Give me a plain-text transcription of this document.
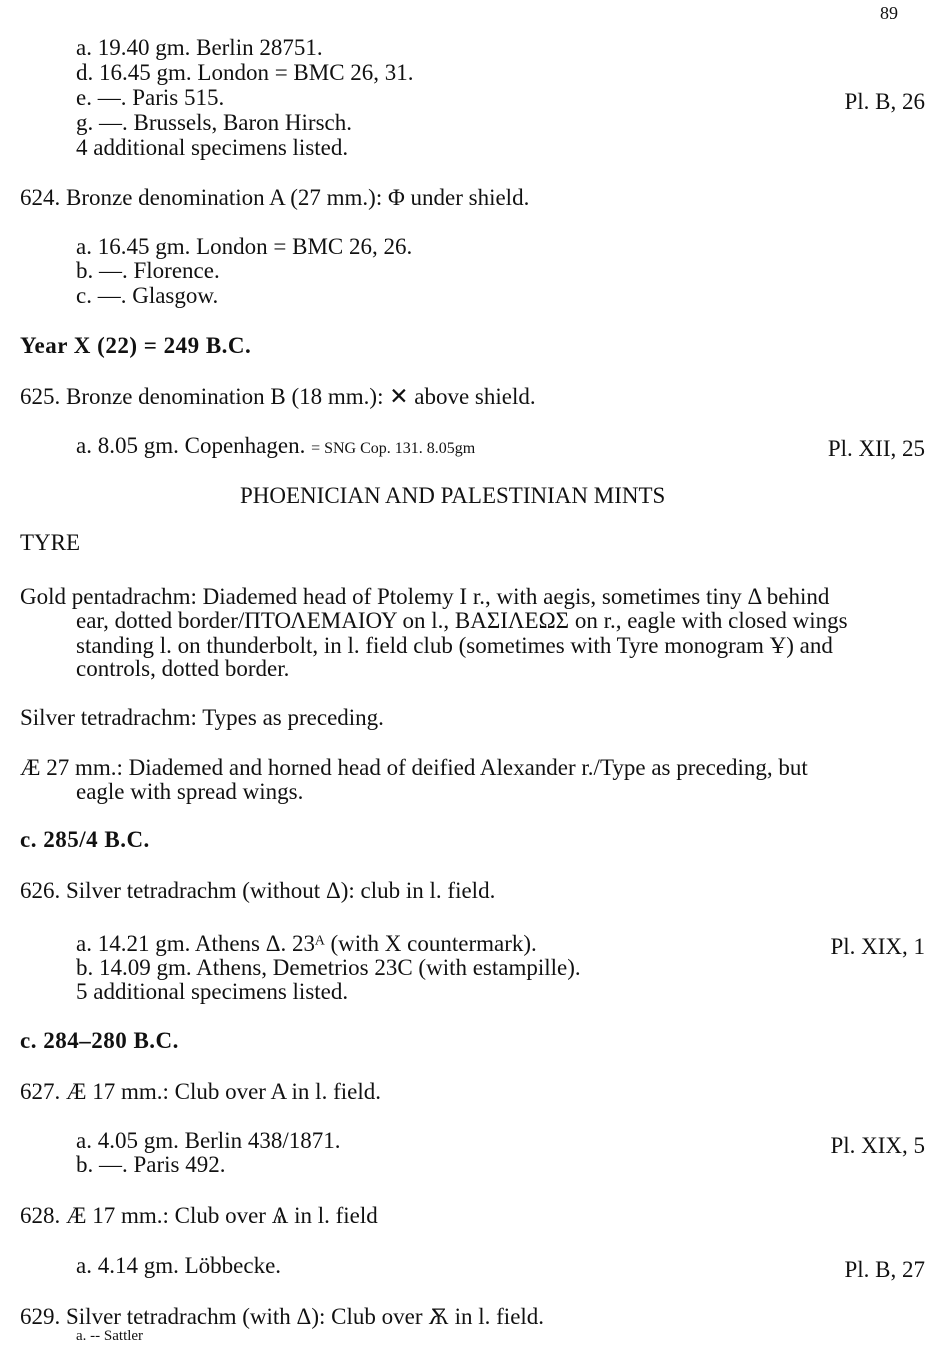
89
a. 19.40 gm. Berlin 28751.
d. 16.45 gm. London = BMC 26, 31.
e. —. Paris 515.	Pl. B, 26
g. —. Brussels, Baron Hirsch.
4 additional specimens listed.
624. Bronze denomination A (27 mm.): Φ under shield.
a. 16.45 gm. London = BMC 26, 26.
b. —. Florence.
c. —. Glasgow.
Year X (22) = 249 B.C.
625. Bronze denomination B (18 mm.): ✕ above shield.
a. 8.05 gm. Copenhagen. = SNG Cop. 131. 8.05gm	Pl. XII, 25
PHOENICIAN AND PALESTINIAN MINTS
TYRE
Gold pentadrachm: Diademed head of Ptolemy I r., with aegis, sometimes tiny Δ behind
ear, dotted border/ΠΤΟΛΕΜΑΙΟΥ on l., ΒΑΣΙΛΕΩΣ on r., eagle with closed wings
standing l. on thunderbolt, in l. field club (sometimes with Tyre monogram Ұ) and
controls, dotted border.
Silver tetradrachm: Types as preceding.
Æ 27 mm.: Diademed and horned head of deified Alexander r./Type as preceding, but
eagle with spread wings.
c. 285/4 B.C.
626. Silver tetradrachm (without Δ): club in l. field.
a. 14.21 gm. Athens Δ. 23ᴬ (with X countermark).	Pl. XIX, 1
b. 14.09 gm. Athens, Demetrios 23C (with estampille).
5 additional specimens listed.
c. 284–280 B.C.
627. Æ 17 mm.: Club over A in l. field.
a. 4.05 gm. Berlin 438/1871.	Pl. XIX, 5
b. —. Paris 492.
628. Æ 17 mm.: Club over Ѧ in l. field
a. 4.14 gm. Löbbecke.	Pl. B, 27
629. Silver tetradrachm (with Δ): Club over Ѫ in l. field.
a. -- Sattler
